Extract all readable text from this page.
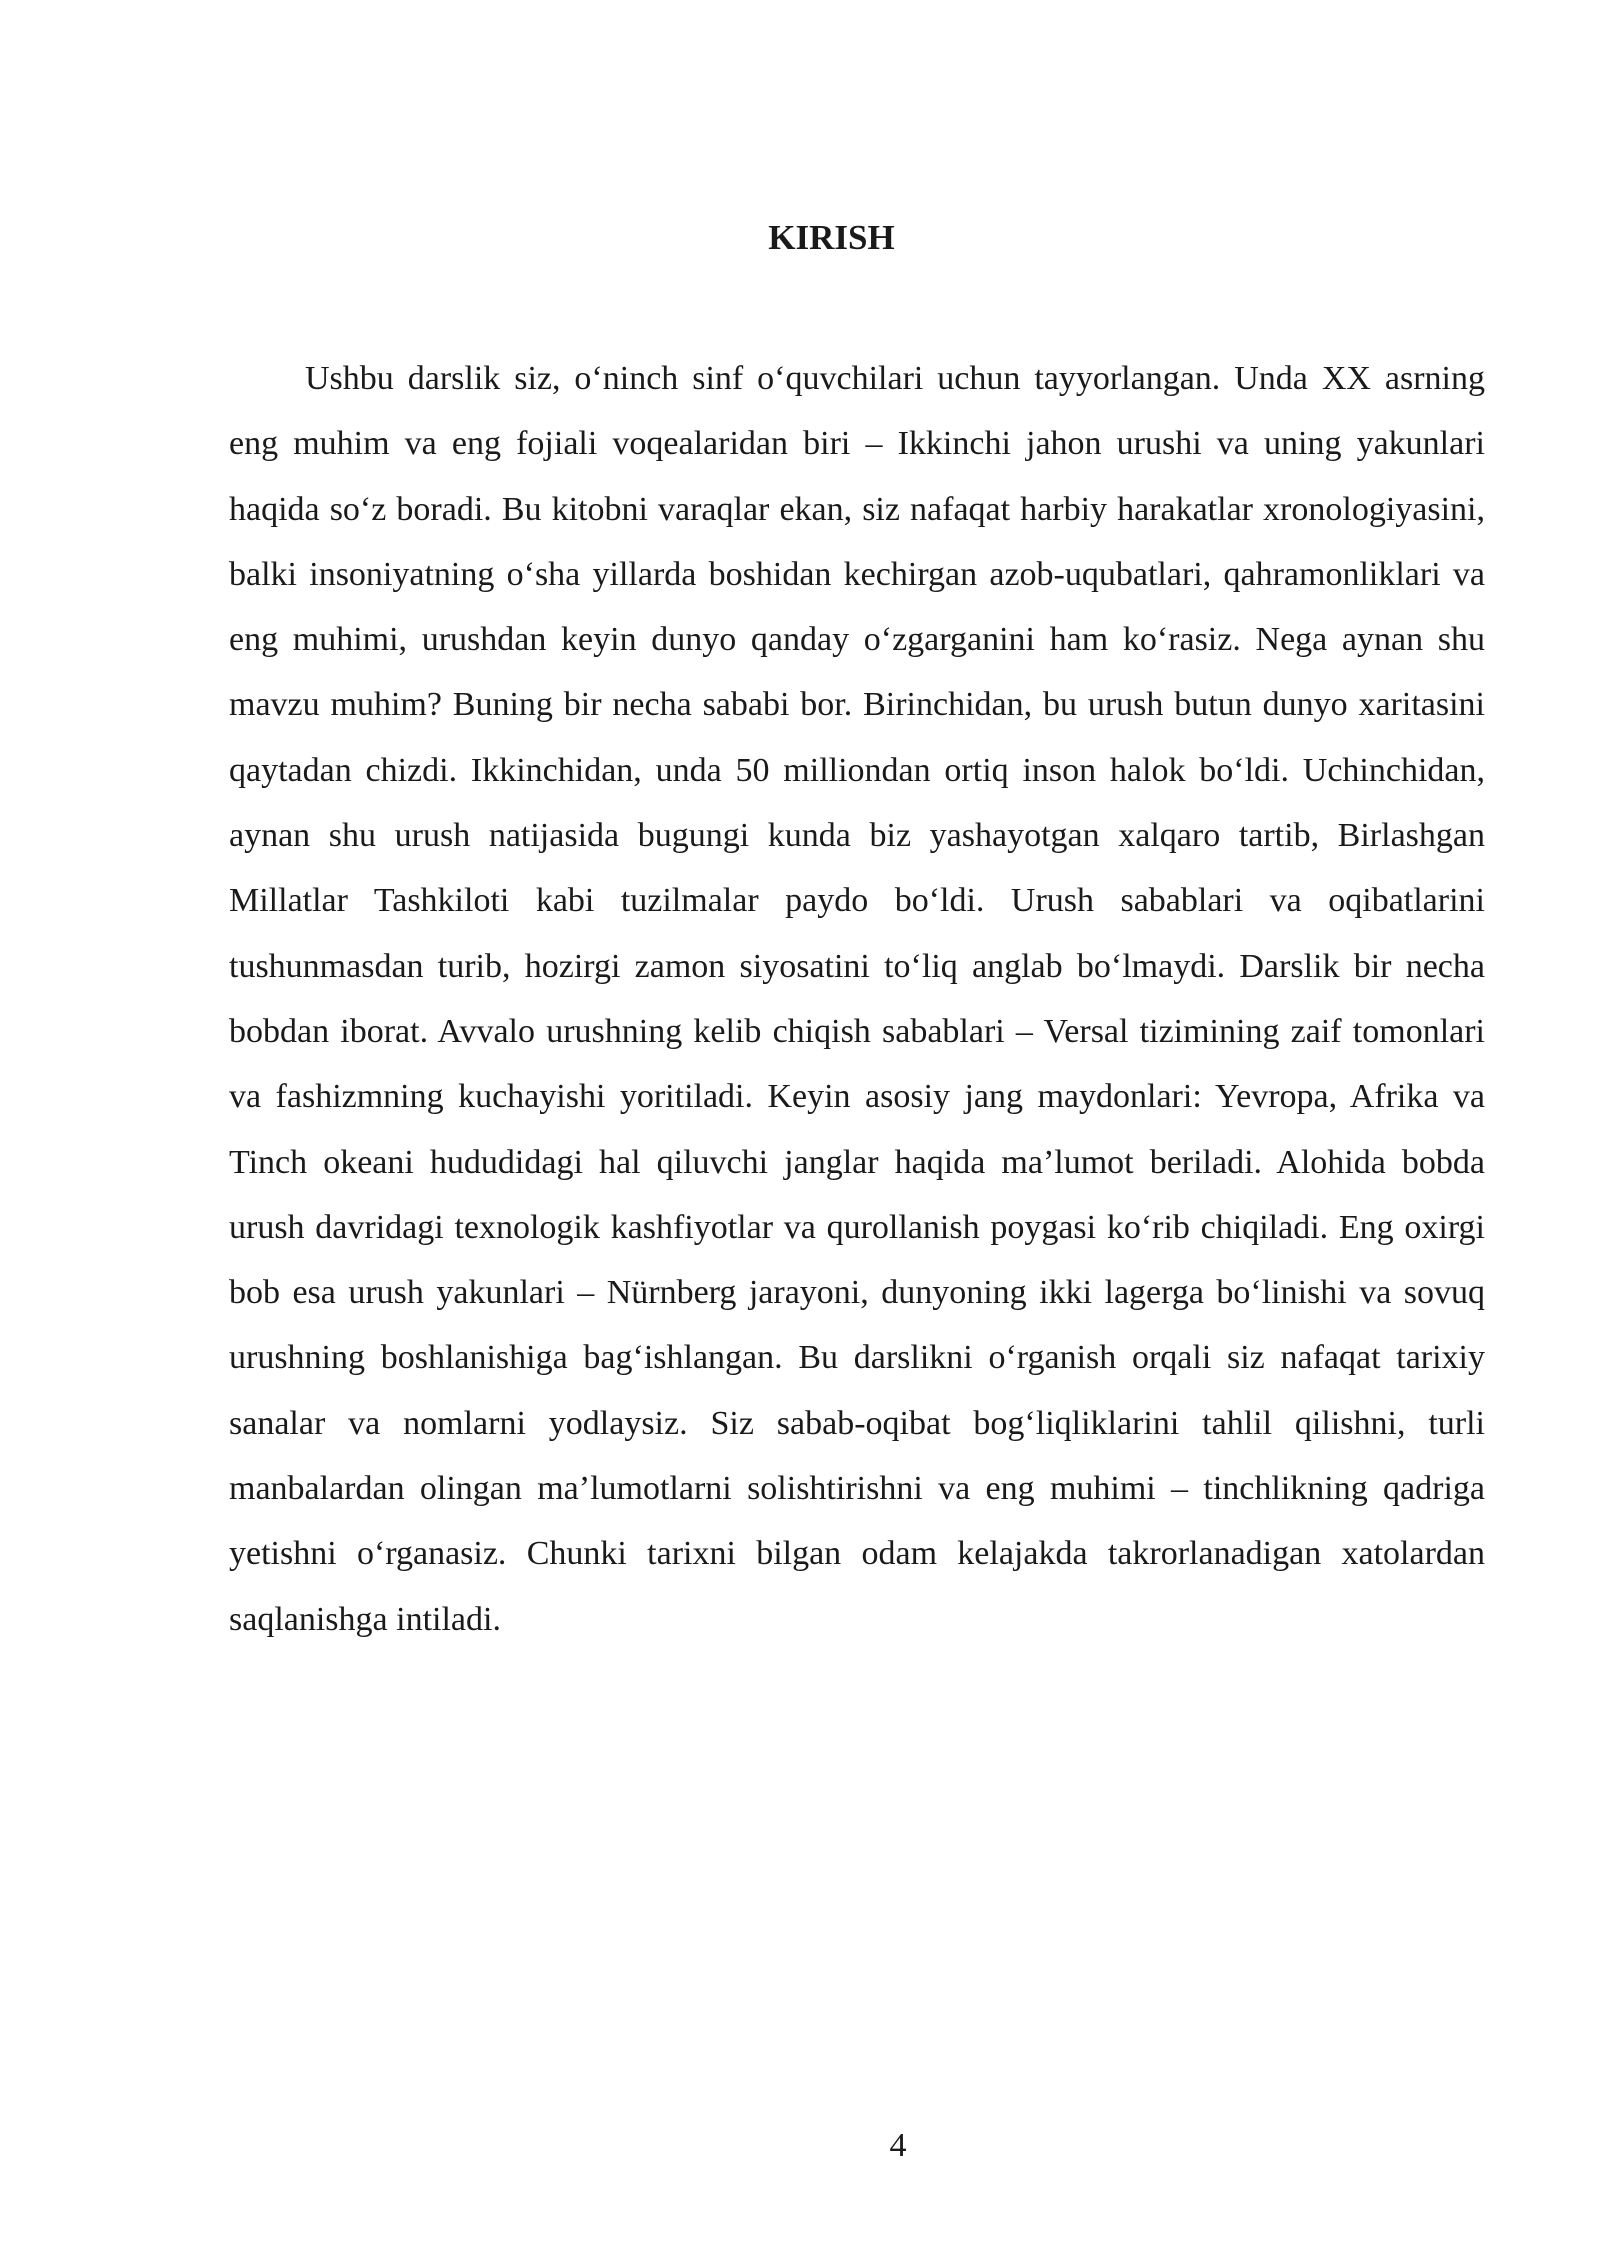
KIRISH

Ushbu darslik siz, o‘ninch sinf o‘quvchilari uchun tayyorlangan. Unda XX asrning eng muhim va eng fojiali voqealaridan biri – Ikkinchi jahon urushi va uning yakunlari haqida so‘z boradi. Bu kitobni varaqlar ekan, siz nafaqat harbiy harakatlar xronologiyasini, balki insoniyatning o‘sha yillarda boshidan kechirgan azob-uqubatlari, qahramonliklari va eng muhimi, urushdan keyin dunyo qanday o‘zgarganini ham ko‘rasiz. Nega aynan shu mavzu muhim? Buning bir necha sababi bor. Birinchidan, bu urush butun dunyo xaritasini qaytadan chizdi. Ikkinchidan, unda 50 milliondan ortiq inson halok bo‘ldi. Uchinchidan, aynan shu urush natijasida bugungi kunda biz yashayotgan xalqaro tartib, Birlashgan Millatlar Tashkiloti kabi tuzilmalar paydo bo‘ldi. Urush sabablari va oqibatlarini tushunmasdan turib, hozirgi zamon siyosatini to‘liq anglab bo‘lmaydi. Darslik bir necha bobdan iborat. Avvalo urushning kelib chiqish sabablari – Versal tizimining zaif tomonlari va fashizmning kuchayishi yoritiladi. Keyin asosiy jang maydonlari: Yevropa, Afrika va Tinch okeani hududidagi hal qiluvchi janglar haqida ma’lumot beriladi. Alohida bobda urush davridagi texnologik kashfiyotlar va qurollanish poygasi ko‘rib chiqiladi. Eng oxirgi bob esa urush yakunlari – Nürnberg jarayoni, dunyoning ikki lagerga bo‘linishi va sovuq urushning boshlanishiga bag‘ishlangan. Bu darslikni o‘rganish orqali siz nafaqat tarixiy sanalar va nomlarni yodlaysiz. Siz sabab-oqibat bog‘liqliklarini tahlil qilishni, turli manbalardan olingan ma’lumotlarni solishtirishni va eng muhimi – tinchlikning qadriga yetishni o‘rganasiz. Chunki tarixni bilgan odam kelajakda takrorlanadigan xatolardan saqlanishga intiladi.

4
